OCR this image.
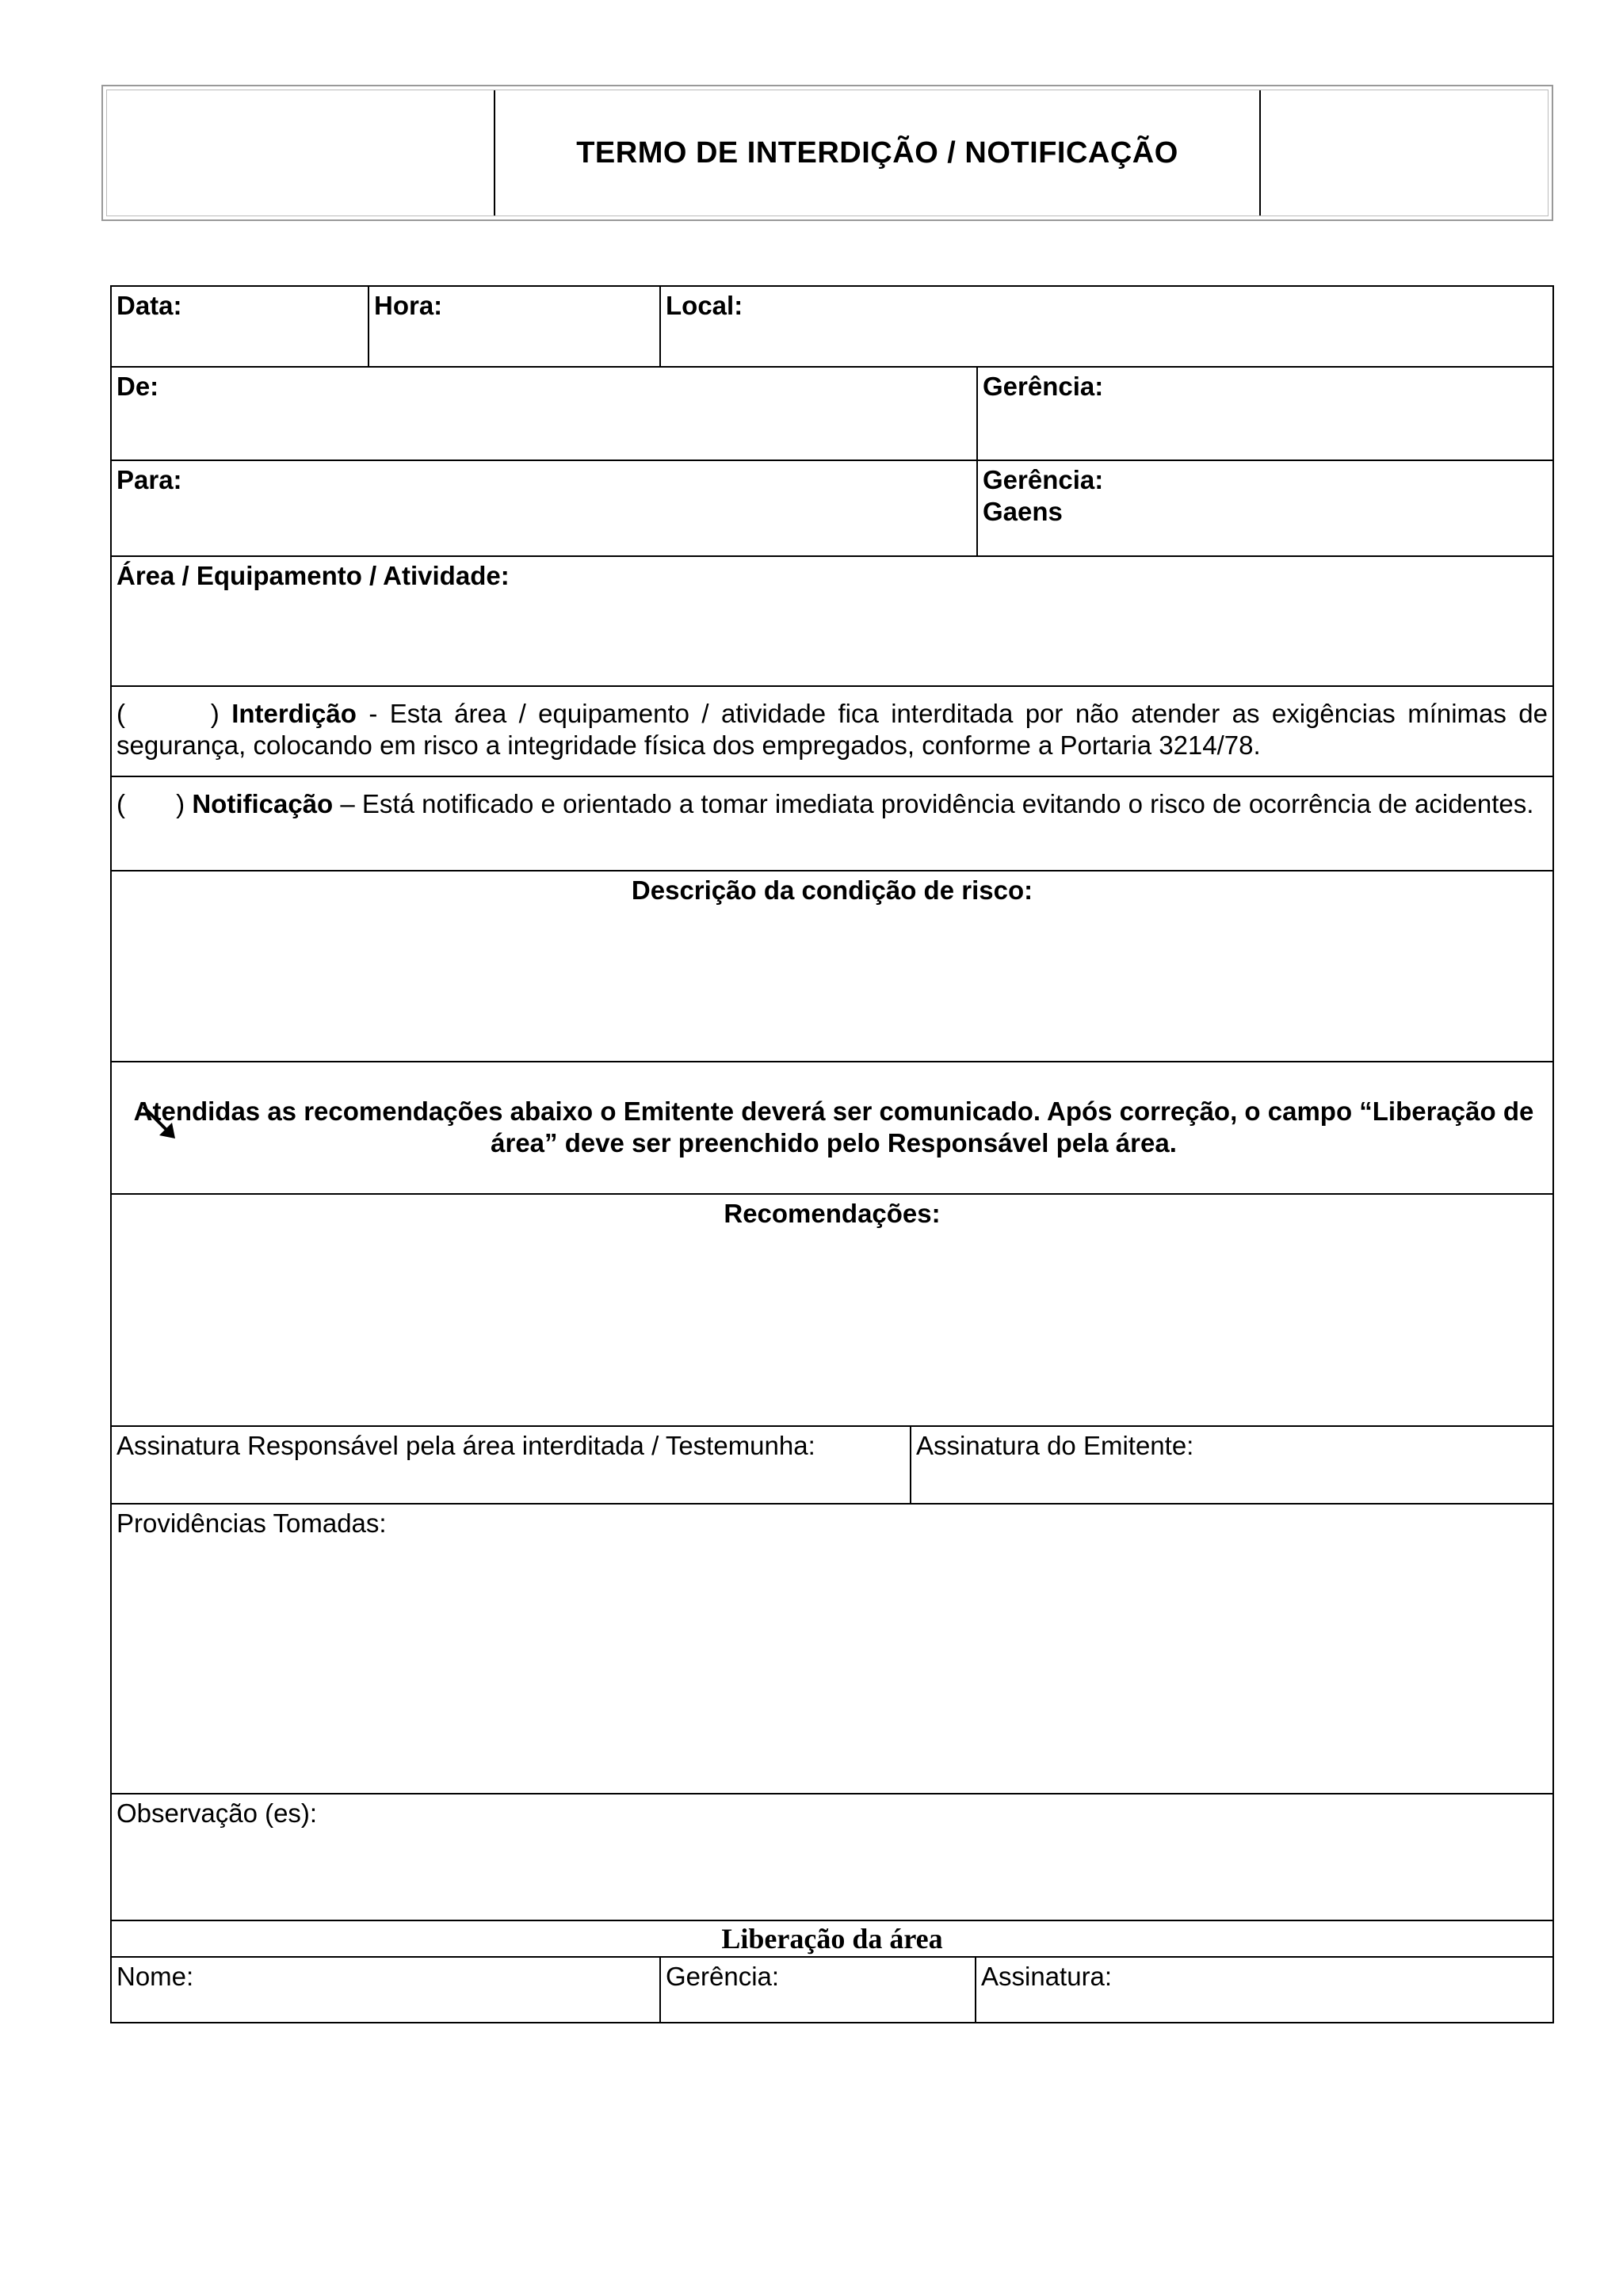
TERMO DE INTERDIÇÃO / NOTIFICAÇÃO
Data:	Hora:	Local:
De:	Gerência:
Para:	Gerência:
Gaens
Área / Equipamento / Atividade:
(       ) Interdição - Esta área / equipamento / atividade fica interditada por não atender as exigências mínimas de segurança, colocando em risco a integridade física dos empregados, conforme a Portaria 3214/78.
(       ) Notificação – Está notificado e orientado a tomar imediata providência evitando o risco de ocorrência de acidentes.
Descrição da condição de risco:
Atendidas as recomendações abaixo o Emitente deverá ser comunicado. Após correção, o campo “Liberação de área” deve ser preenchido pelo Responsável pela área.
Recomendações:
Assinatura Responsável pela área interditada / Testemunha:	Assinatura do Emitente:
Providências Tomadas:
Observação (es):
Liberação da área
Nome:	Gerência:	Assinatura:
